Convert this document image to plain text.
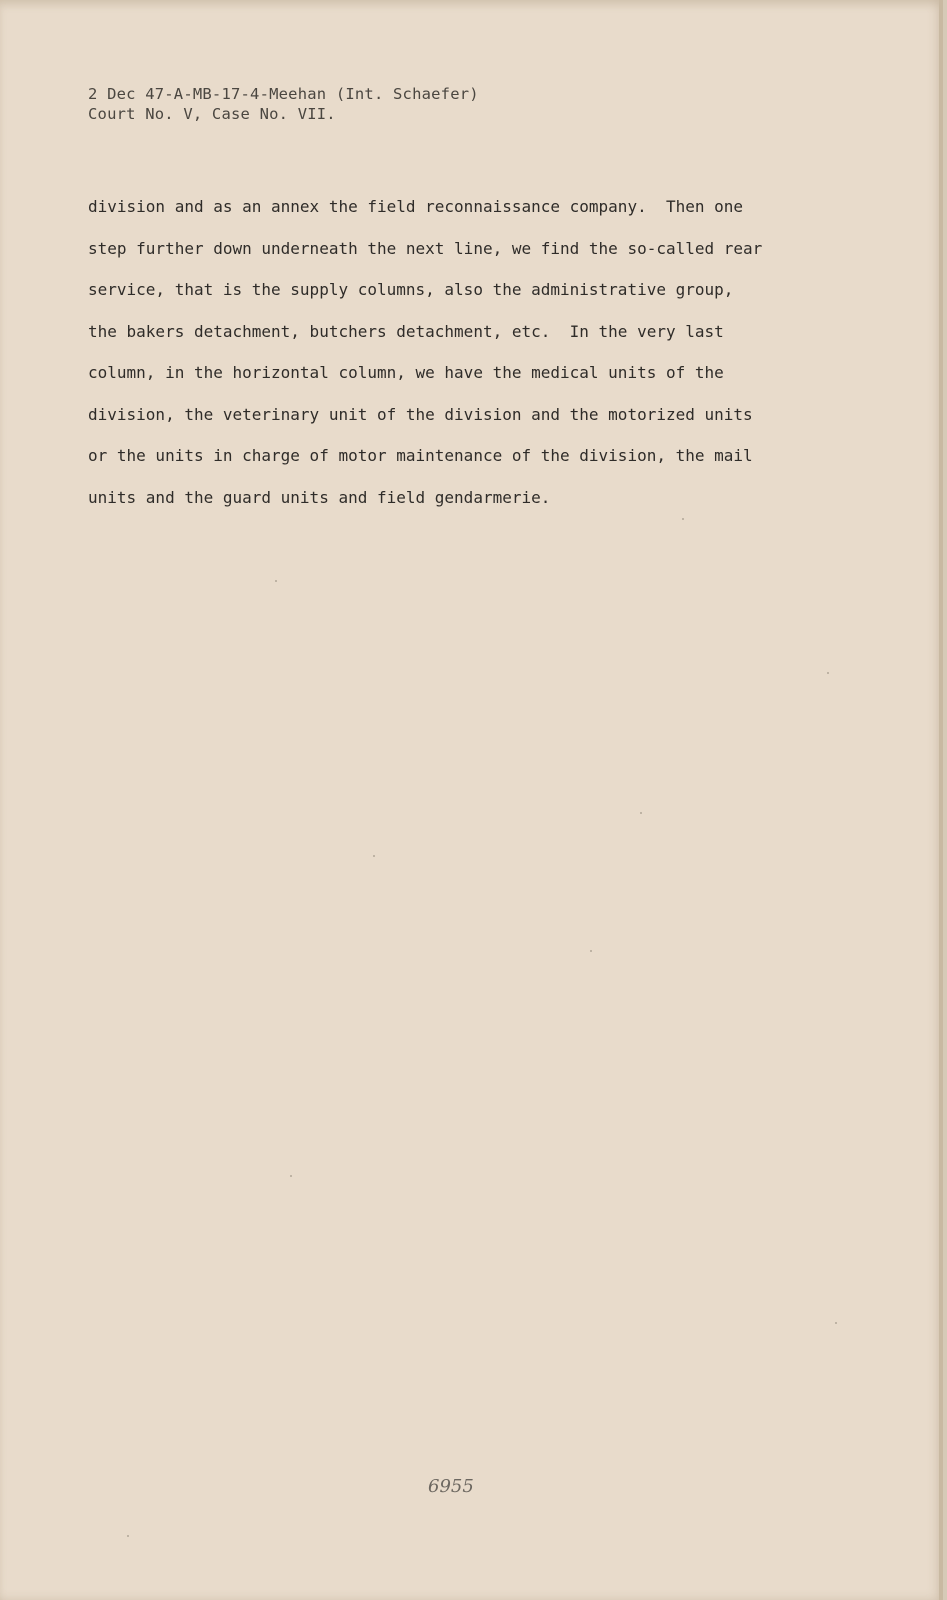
2 Dec 47-A-MB-17-4-Meehan (Int. Schaefer)
Court No. V, Case No. VII.
division and as an annex the field reconnaissance company.  Then one
step further down underneath the next line, we find the so-called rear
service, that is the supply columns, also the administrative group,
the bakers detachment, butchers detachment, etc.  In the very last
column, in the horizontal column, we have the medical units of the
division, the veterinary unit of the division and the motorized units
or the units in charge of motor maintenance of the division, the mail
units and the guard units and field gendarmerie.
6955
